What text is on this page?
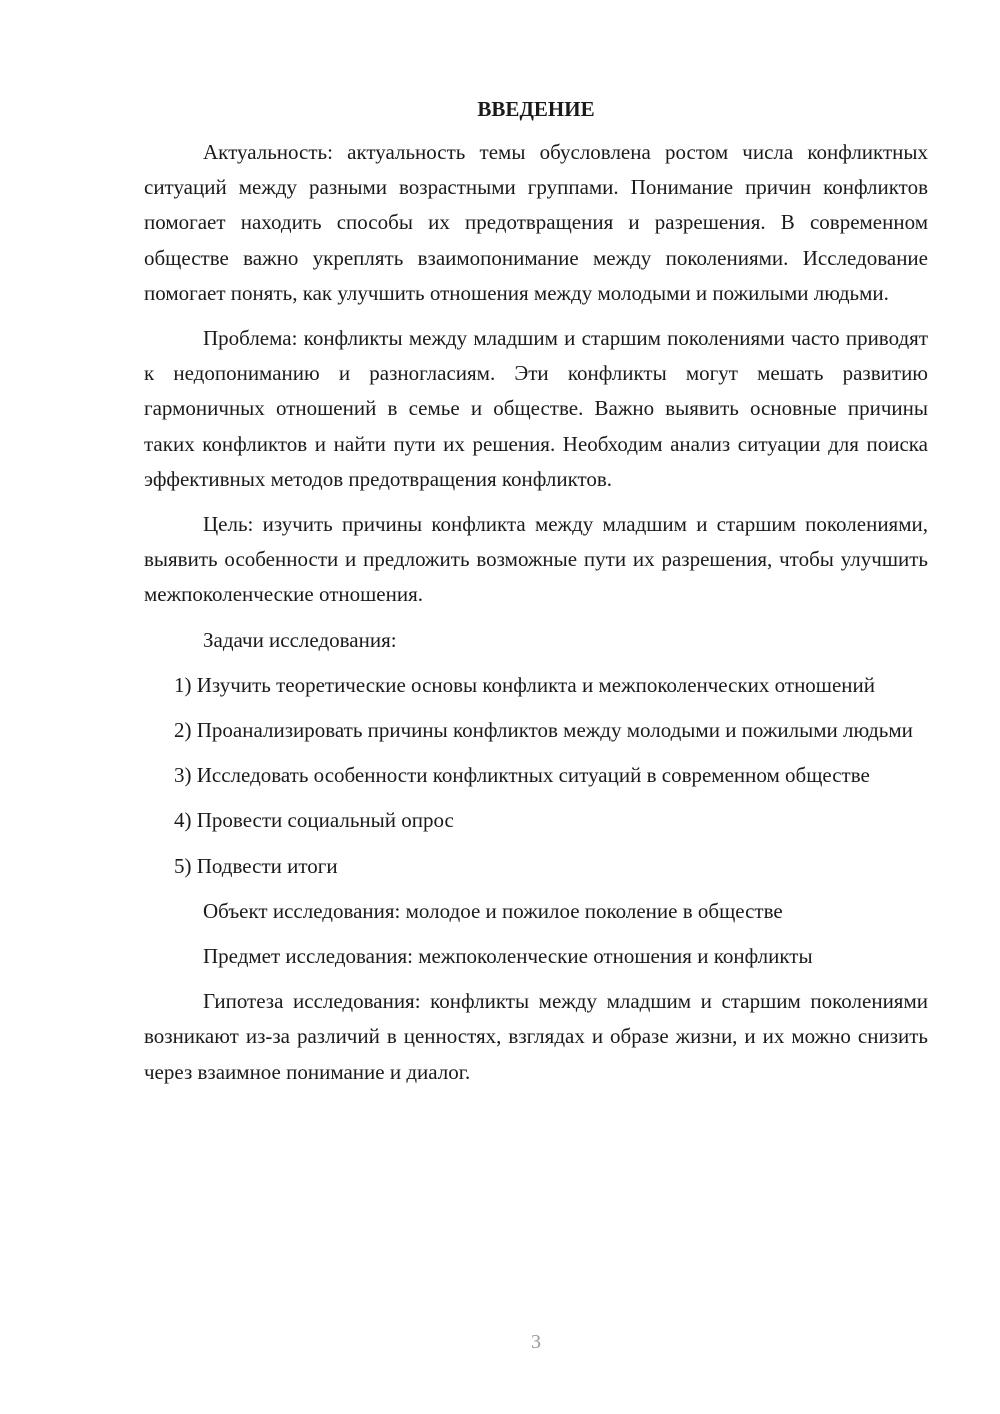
ВВЕДЕНИЕ

Актуальность: актуальность темы обусловлена ростом числа конфликтных ситуаций между разными возрастными группами. Понимание причин конфликтов помогает находить способы их предотвращения и разрешения. В современном обществе важно укреплять взаимопонимание между поколениями. Исследование помогает понять, как улучшить отношения между молодыми и пожилыми людьми.

Проблема: конфликты между младшим и старшим поколениями часто приводят к недопониманию и разногласиям. Эти конфликты могут мешать развитию гармоничных отношений в семье и обществе. Важно выявить основные причины таких конфликтов и найти пути их решения. Необходим анализ ситуации для поиска эффективных методов предотвращения конфликтов.

Цель: изучить причины конфликта между младшим и старшим поколениями, выявить особенности и предложить возможные пути их разрешения, чтобы улучшить межпоколенческие отношения.

Задачи исследования:

1) Изучить теоретические основы конфликта и межпоколенческих отношений

2) Проанализировать причины конфликтов между молодыми и пожилыми людьми

3) Исследовать особенности конфликтных ситуаций в современном обществе

4) Провести социальный опрос

5) Подвести итоги

Объект исследования: молодое и пожилое поколение в обществе

Предмет исследования: межпоколенческие отношения и конфликты

Гипотеза исследования: конфликты между младшим и старшим поколениями возникают из-за различий в ценностях, взглядах и образе жизни, и их можно снизить через взаимное понимание и диалог.

3
